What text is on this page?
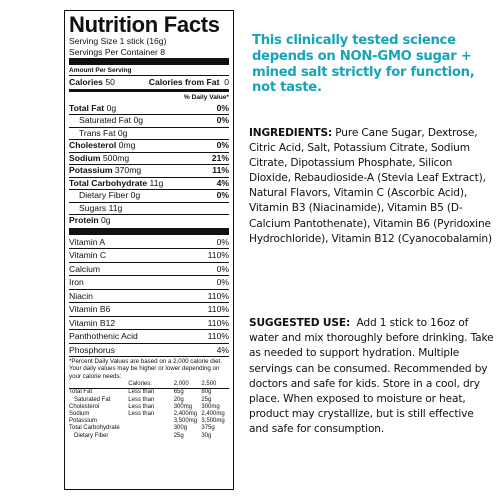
Nutrition Facts
Serving Size 1 stick (16g)
Servings Per Container 8
Amount Per Serving
Calories 50	Calories from Fat 0
% Daily Value*
Total Fat 0g	0%
Saturated Fat 0g	0%
Trans Fat 0g
Cholesterol 0mg	0%
Sodium 500mg	21%
Potassium 370mg	11%
Total Carbohydrate 11g	4%
Dietary Fiber 0g	0%
Sugars 11g
Protein 0g
Vitamin A	0%
Vitamin C	110%
Calcium	0%
Iron	0%
Niacin	110%
Vitamin B6	110%
Vitamin B12	110%
Panthothenic Acid	110%
Phosphorus	4%
*Percent Daily Values are based on a 2,000 calorie diet. Your daily values may be higher or lower depending on your calorie needs:
Calories:	2,000	2,500
Total Fat	Less than	65g	80g
Saturated Fat	Less than	20g	25g
Cholesterol	Less than	300mg	300mg
Sodium	Less than	2,400mg 2,400mg
Potassium	3,500mg 3,500mg
Total Carbohydrate	300g	375g
Dietary Fiber	25g	30g
This clinically tested science depends on NON-GMO sugar + mined salt strictly for function, not taste.
INGREDIENTS: Pure Cane Sugar, Dextrose, Citric Acid, Salt, Potassium Citrate, Sodium Citrate, Dipotassium Phosphate, Silicon Dioxide, Rebaudioside-A (Stevia Leaf Extract), Natural Flavors, Vitamin C (Ascorbic Acid), Vitamin B3 (Niacinamide), Vitamin B5 (D-Calcium Pantothenate), Vitamin B6 (Pyridoxine Hydrochloride), Vitamin B12 (Cyanocobalamin)
SUGGESTED USE: Add 1 stick to 16oz of water and mix thoroughly before drinking. Take as needed to support hydration. Multiple servings can be consumed. Recommended by doctors and safe for kids. Store in a cool, dry place. When exposed to moisture or heat, product may crystallize, but is still effective and safe for consumption.
